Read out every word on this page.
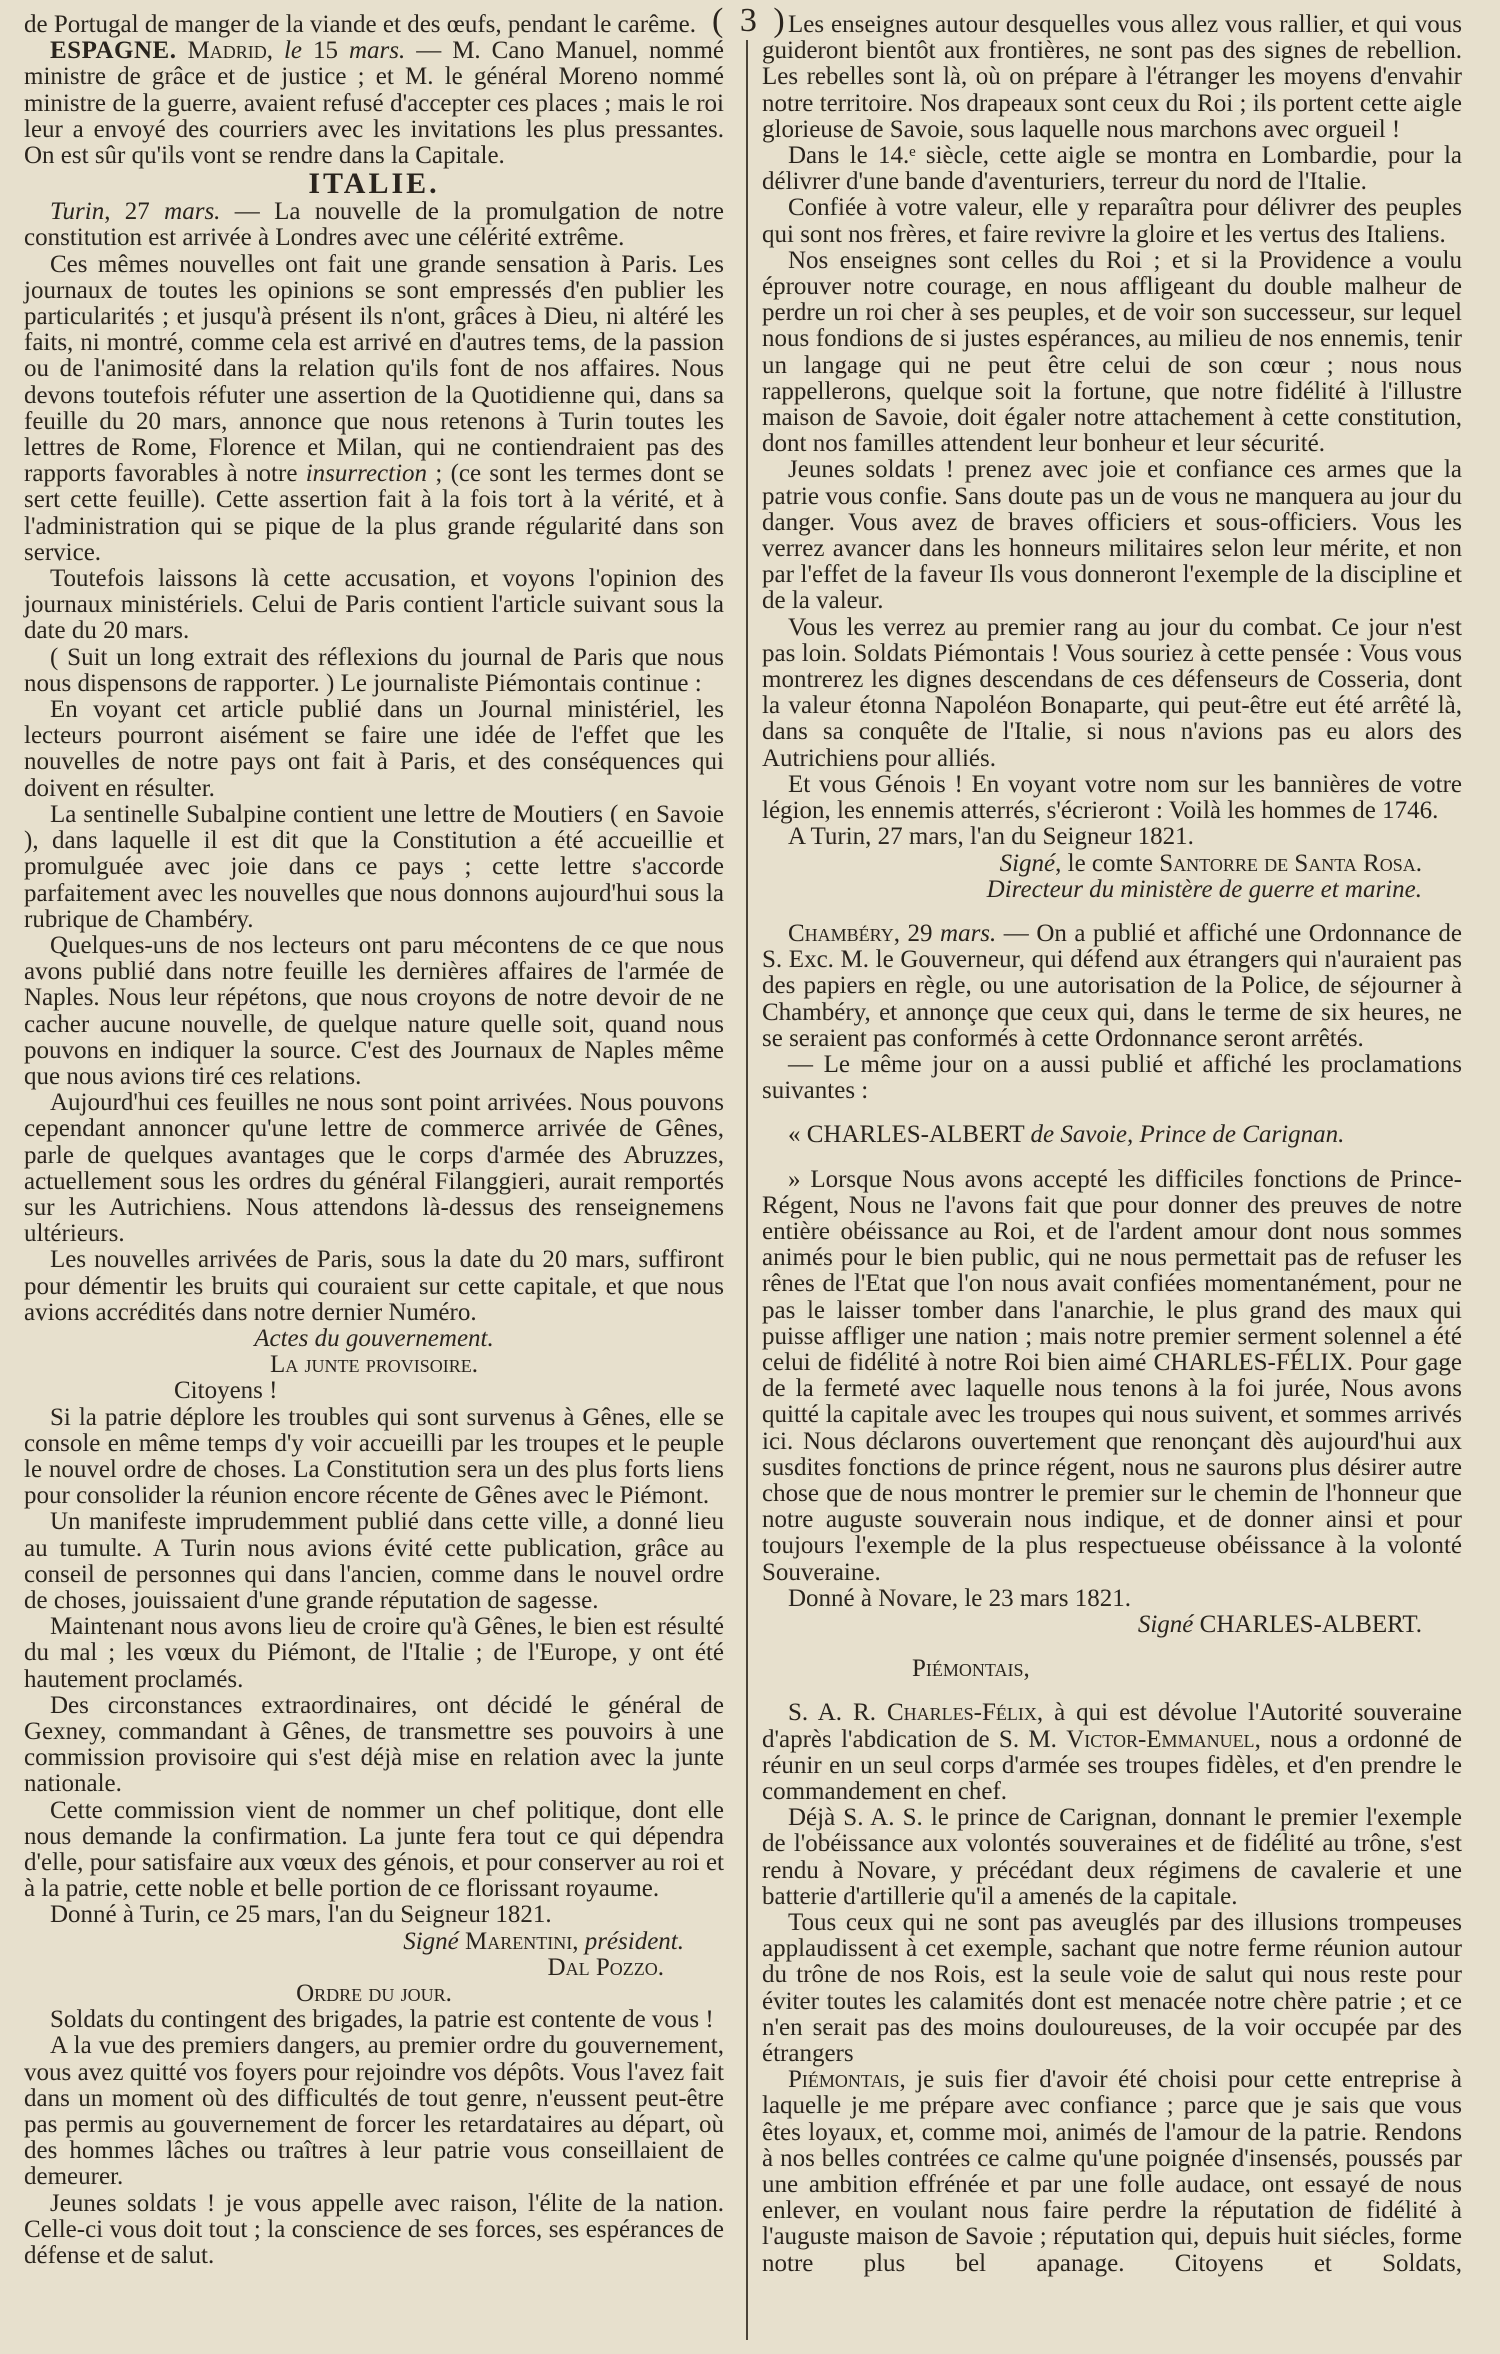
( 3 )

de Portugal de manger de la viande et des œufs, pendant le carême.

ESPAGNE. Madrid, le 15 mars. — M. Cano Manuel, nommé ministre de grâce et de justice ; et M. le général Moreno nommé ministre de la guerre, avaient refusé d'accepter ces places ; mais le roi leur a envoyé des courriers avec les invitations les plus pressantes. On est sûr qu'ils vont se rendre dans la Capitale.

ITALIE.

Turin, 27 mars. — La nouvelle de la promulgation de notre constitution est arrivée à Londres avec une célérité extrême.

Ces mêmes nouvelles ont fait une grande sensation à Paris. Les journaux de toutes les opinions se sont empressés d'en publier les particularités ; et jusqu'à présent ils n'ont, grâces à Dieu, ni altéré les faits, ni montré, comme cela est arrivé en d'autres tems, de la passion ou de l'animosité dans la relation qu'ils font de nos affaires. Nous devons toutefois réfuter une assertion de la Quotidienne qui, dans sa feuille du 20 mars, annonce que nous retenons à Turin toutes les lettres de Rome, Florence et Milan, qui ne contiendraient pas des rapports favorables à notre insurrection ; (ce sont les termes dont se sert cette feuille). Cette assertion fait à la fois tort à la vérité, et à l'administration qui se pique de la plus grande régularité dans son service.

Toutefois laissons là cette accusation, et voyons l'opinion des journaux ministériels. Celui de Paris contient l'article suivant sous la date du 20 mars.

( Suit un long extrait des réflexions du journal de Paris que nous nous dispensons de rapporter. ) Le journaliste Piémontais continue :

En voyant cet article publié dans un Journal ministériel, les lecteurs pourront aisément se faire une idée de l'effet que les nouvelles de notre pays ont fait à Paris, et des conséquences qui doivent en résulter.

La sentinelle Subalpine contient une lettre de Moutiers ( en Savoie ), dans laquelle il est dit que la Constitution a été accueillie et promulguée avec joie dans ce pays ; cette lettre s'accorde parfaitement avec les nouvelles que nous donnons aujourd'hui sous la rubrique de Chambéry.

Quelques-uns de nos lecteurs ont paru mécontens de ce que nous avons publié dans notre feuille les dernières affaires de l'armée de Naples. Nous leur répétons, que nous croyons de notre devoir de ne cacher aucune nouvelle, de quelque nature quelle soit, quand nous pouvons en indiquer la source. C'est des Journaux de Naples même que nous avions tiré ces relations.

Aujourd'hui ces feuilles ne nous sont point arrivées. Nous pouvons cependant annoncer qu'une lettre de commerce arrivée de Gênes, parle de quelques avantages que le corps d'armée des Abruzzes, actuellement sous les ordres du général Filanggieri, aurait remportés sur les Autrichiens. Nous attendons là-dessus des renseignemens ultérieurs.

Les nouvelles arrivées de Paris, sous la date du 20 mars, suffiront pour démentir les bruits qui couraient sur cette capitale, et que nous avions accrédités dans notre dernier Numéro.

Actes du gouvernement.

La junte provisoire.

Citoyens !

Si la patrie déplore les troubles qui sont survenus à Gênes, elle se console en même temps d'y voir accueilli par les troupes et le peuple le nouvel ordre de choses. La Constitution sera un des plus forts liens pour consolider la réunion encore récente de Gênes avec le Piémont.

Un manifeste imprudemment publié dans cette ville, a donné lieu au tumulte. A Turin nous avions évité cette publication, grâce au conseil de personnes qui dans l'ancien, comme dans le nouvel ordre de choses, jouissaient d'une grande réputation de sagesse.

Maintenant nous avons lieu de croire qu'à Gênes, le bien est résulté du mal ; les vœux du Piémont, de l'Italie ; de l'Europe, y ont été hautement proclamés.

Des circonstances extraordinaires, ont décidé le général de Gexney, commandant à Gênes, de transmettre ses pouvoirs à une commission provisoire qui s'est déjà mise en relation avec la junte nationale.

Cette commission vient de nommer un chef politique, dont elle nous demande la confirmation. La junte fera tout ce qui dépendra d'elle, pour satisfaire aux vœux des génois, et pour conserver au roi et à la patrie, cette noble et belle portion de ce florissant royaume.

Donné à Turin, ce 25 mars, l'an du Seigneur 1821.

Signé Marentini, président.

Dal Pozzo.

Ordre du jour.

Soldats du contingent des brigades, la patrie est contente de vous !

A la vue des premiers dangers, au premier ordre du gouvernement, vous avez quitté vos foyers pour rejoindre vos dépôts. Vous l'avez fait dans un moment où des difficultés de tout genre, n'eussent peut-être pas permis au gouvernement de forcer les retardataires au départ, où des hommes lâches ou traîtres à leur patrie vous conseillaient de demeurer.

Jeunes soldats ! je vous appelle avec raison, l'élite de la nation. Celle-ci vous doit tout ; la conscience de ses forces, ses espérances de défense et de salut.

Les enseignes autour desquelles vous allez vous rallier, et qui vous guideront bientôt aux frontières, ne sont pas des signes de rebellion. Les rebelles sont là, où on prépare à l'étranger les moyens d'envahir notre territoire. Nos drapeaux sont ceux du Roi ; ils portent cette aigle glorieuse de Savoie, sous laquelle nous marchons avec orgueil !

Dans le 14.ᵉ siècle, cette aigle se montra en Lombardie, pour la délivrer d'une bande d'aventuriers, terreur du nord de l'Italie.

Confiée à votre valeur, elle y reparaîtra pour délivrer des peuples qui sont nos frères, et faire revivre la gloire et les vertus des Italiens.

Nos enseignes sont celles du Roi ; et si la Providence a voulu éprouver notre courage, en nous affligeant du double malheur de perdre un roi cher à ses peuples, et de voir son successeur, sur lequel nous fondions de si justes espérances, au milieu de nos ennemis, tenir un langage qui ne peut être celui de son cœur ; nous nous rappellerons, quelque soit la fortune, que notre fidélité à l'illustre maison de Savoie, doit égaler notre attachement à cette constitution, dont nos familles attendent leur bonheur et leur sécurité.

Jeunes soldats ! prenez avec joie et confiance ces armes que la patrie vous confie. Sans doute pas un de vous ne manquera au jour du danger. Vous avez de braves officiers et sous-officiers. Vous les verrez avancer dans les honneurs militaires selon leur mérite, et non par l'effet de la faveur Ils vous donneront l'exemple de la discipline et de la valeur.

Vous les verrez au premier rang au jour du combat. Ce jour n'est pas loin. Soldats Piémontais ! Vous souriez à cette pensée : Vous vous montrerez les dignes descendans de ces défenseurs de Cosseria, dont la valeur étonna Napoléon Bonaparte, qui peut-être eut été arrêté là, dans sa conquête de l'Italie, si nous n'avions pas eu alors des Autrichiens pour alliés.

Et vous Génois ! En voyant votre nom sur les bannières de votre légion, les ennemis atterrés, s'écrieront : Voilà les hommes de 1746.

A Turin, 27 mars, l'an du Seigneur 1821.

Signé, le comte Santorre de Santa Rosa.

Directeur du ministère de guerre et marine.

Chambéry, 29 mars. — On a publié et affiché une Ordonnance de S. Exc. M. le Gouverneur, qui défend aux étrangers qui n'auraient pas des papiers en règle, ou une autorisation de la Police, de séjourner à Chambéry, et annonçe que ceux qui, dans le terme de six heures, ne se seraient pas conformés à cette Ordonnance seront arrêtés.

— Le même jour on a aussi publié et affiché les proclamations suivantes :

« CHARLES-ALBERT de Savoie, Prince de Carignan.

» Lorsque Nous avons accepté les difficiles fonctions de Prince-Régent, Nous ne l'avons fait que pour donner des preuves de notre entière obéissance au Roi, et de l'ardent amour dont nous sommes animés pour le bien public, qui ne nous permettait pas de refuser les rênes de l'Etat que l'on nous avait confiées momentanément, pour ne pas le laisser tomber dans l'anarchie, le plus grand des maux qui puisse affliger une nation ; mais notre premier serment solennel a été celui de fidélité à notre Roi bien aimé CHARLES-FÉLIX. Pour gage de la fermeté avec laquelle nous tenons à la foi jurée, Nous avons quitté la capitale avec les troupes qui nous suivent, et sommes arrivés ici. Nous déclarons ouvertement que renonçant dès aujourd'hui aux susdites fonctions de prince régent, nous ne saurons plus désirer autre chose que de nous montrer le premier sur le chemin de l'honneur que notre auguste souverain nous indique, et de donner ainsi et pour toujours l'exemple de la plus respectueuse obéissance à la volonté Souveraine.

Donné à Novare, le 23 mars 1821.

Signé CHARLES-ALBERT.

Piémontais,

S. A. R. Charles-Félix, à qui est dévolue l'Autorité souveraine d'après l'abdication de S. M. Victor-Emmanuel, nous a ordonné de réunir en un seul corps d'armée ses troupes fidèles, et d'en prendre le commandement en chef.

Déjà S. A. S. le prince de Carignan, donnant le premier l'exemple de l'obéissance aux volontés souveraines et de fidélité au trône, s'est rendu à Novare, y précédant deux régimens de cavalerie et une batterie d'artillerie qu'il a amenés de la capitale.

Tous ceux qui ne sont pas aveuglés par des illusions trompeuses applaudissent à cet exemple, sachant que notre ferme réunion autour du trône de nos Rois, est la seule voie de salut qui nous reste pour éviter toutes les calamités dont est menacée notre chère patrie ; et ce n'en serait pas des moins douloureuses, de la voir occupée par des étrangers

Piémontais, je suis fier d'avoir été choisi pour cette entreprise à laquelle je me prépare avec confiance ; parce que je sais que vous êtes loyaux, et, comme moi, animés de l'amour de la patrie. Rendons à nos belles contrées ce calme qu'une poignée d'insensés, poussés par une ambition effrénée et par une folle audace, ont essayé de nous enlever, en voulant nous faire perdre la réputation de fidélité à l'auguste maison de Savoie ; réputation qui, depuis huit siécles, forme notre plus bel apanage. Citoyens et Soldats,
